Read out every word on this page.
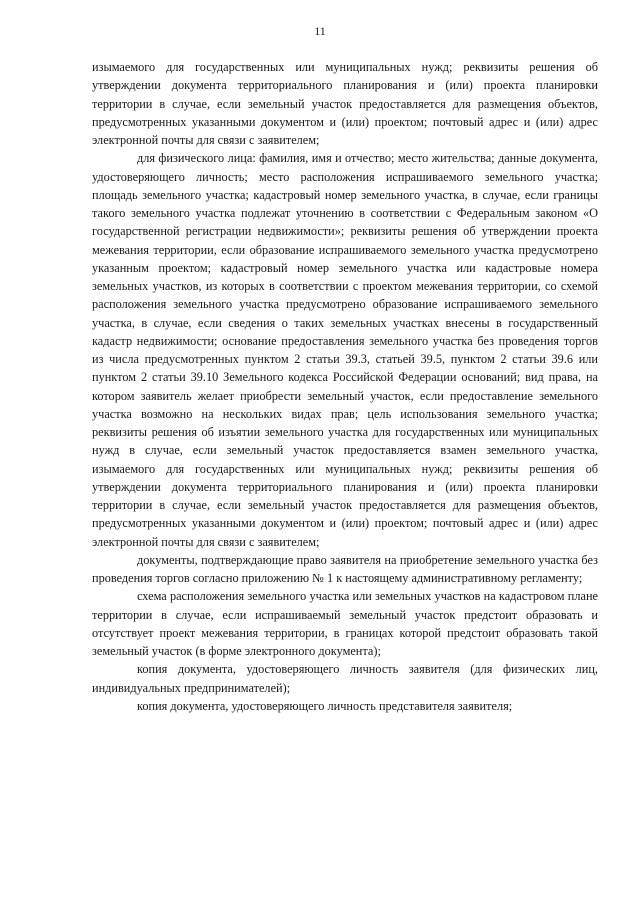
11

изымаемого для государственных или муниципальных нужд; реквизиты решения об утверждении документа территориального планирования и (или) проекта планировки территории в случае, если земельный участок предоставляется для размещения объектов, предусмотренных указанными документом и (или) проектом; почтовый адрес и (или) адрес электронной почты для связи с заявителем;

для физического лица: фамилия, имя и отчество; место жительства; данные документа, удостоверяющего личность; место расположения испрашиваемого земельного участка; площадь земельного участка; кадастровый номер земельного участка, в случае, если границы такого земельного участка подлежат уточнению в соответствии с Федеральным законом «О государственной регистрации недвижимости»; реквизиты решения об утверждении проекта межевания территории, если образование испрашиваемого земельного участка предусмотрено указанным проектом; кадастровый номер земельного участка или кадастровые номера земельных участков, из которых в соответствии с проектом межевания территории, со схемой расположения земельного участка предусмотрено образование испрашиваемого земельного участка, в случае, если сведения о таких земельных участках внесены в государственный кадастр недвижимости; основание предоставления земельного участка без проведения торгов из числа предусмотренных пунктом 2 статьи 39.3, статьей 39.5, пунктом 2 статьи 39.6 или пунктом 2 статьи 39.10 Земельного кодекса Российской Федерации оснований; вид права, на котором заявитель желает приобрести земельный участок, если предоставление земельного участка возможно на нескольких видах прав; цель использования земельного участка; реквизиты решения об изъятии земельного участка для государственных или муниципальных нужд в случае, если земельный участок предоставляется взамен земельного участка, изымаемого для государственных или муниципальных нужд; реквизиты решения об утверждении документа территориального планирования и (или) проекта планировки территории в случае, если земельный участок предоставляется для размещения объектов, предусмотренных указанными документом и (или) проектом; почтовый адрес и (или) адрес электронной почты для связи с заявителем;

документы, подтверждающие право заявителя на приобретение земельного участка без проведения торгов согласно приложению № 1 к настоящему административному регламенту;

схема расположения земельного участка или земельных участков на кадастровом плане территории в случае, если испрашиваемый земельный участок предстоит образовать и отсутствует проект межевания территории, в границах которой предстоит образовать такой земельный участок (в форме электронного документа);

копия документа, удостоверяющего личность заявителя (для физических лиц, индивидуальных предпринимателей);

копия документа, удостоверяющего личность представителя заявителя;
